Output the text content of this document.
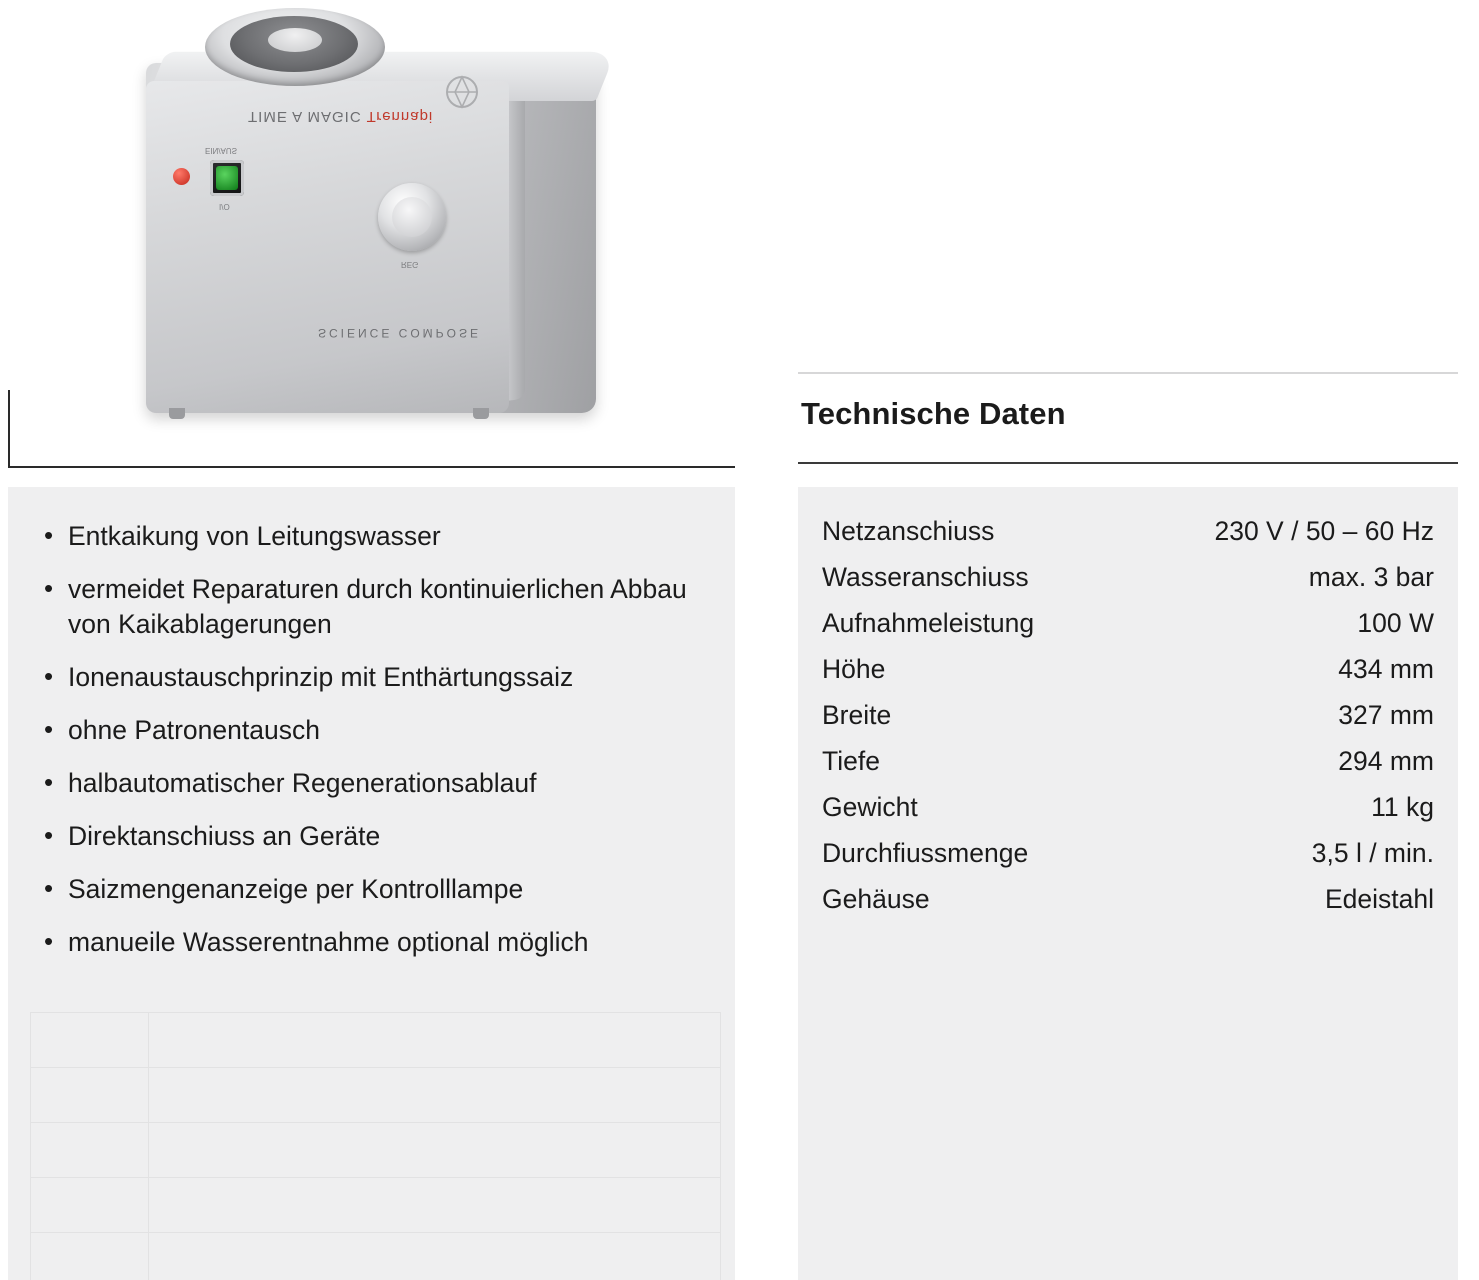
TIME A MAGIC Trennapi
EIN/AUS
I/O
REG
SCIENCE COMPOSE
• Entkaikung von Leitungswasser
• vermeidet Reparaturen durch kontinuierlichen Abbau von Kaikablagerungen
• Ionenaustauschprinzip mit Enthärtungssaiz
• ohne Patronentausch
• halbautomatischer Regenerationsablauf
• Direktanschiuss an Geräte
• Saizmengenanzeige per Kontrolllampe
• manueile Wasserentnahme optional möglich
Technische Daten
Netzanschiuss	230 V / 50 – 60 Hz
Wasseranschiuss	max. 3 bar
Aufnahmeleistung	100 W
Höhe	434 mm
Breite	327 mm
Tiefe	294 mm
Gewicht	11 kg
Durchfiussmenge	3,5 l / min.
Gehäuse	Edeistahl
